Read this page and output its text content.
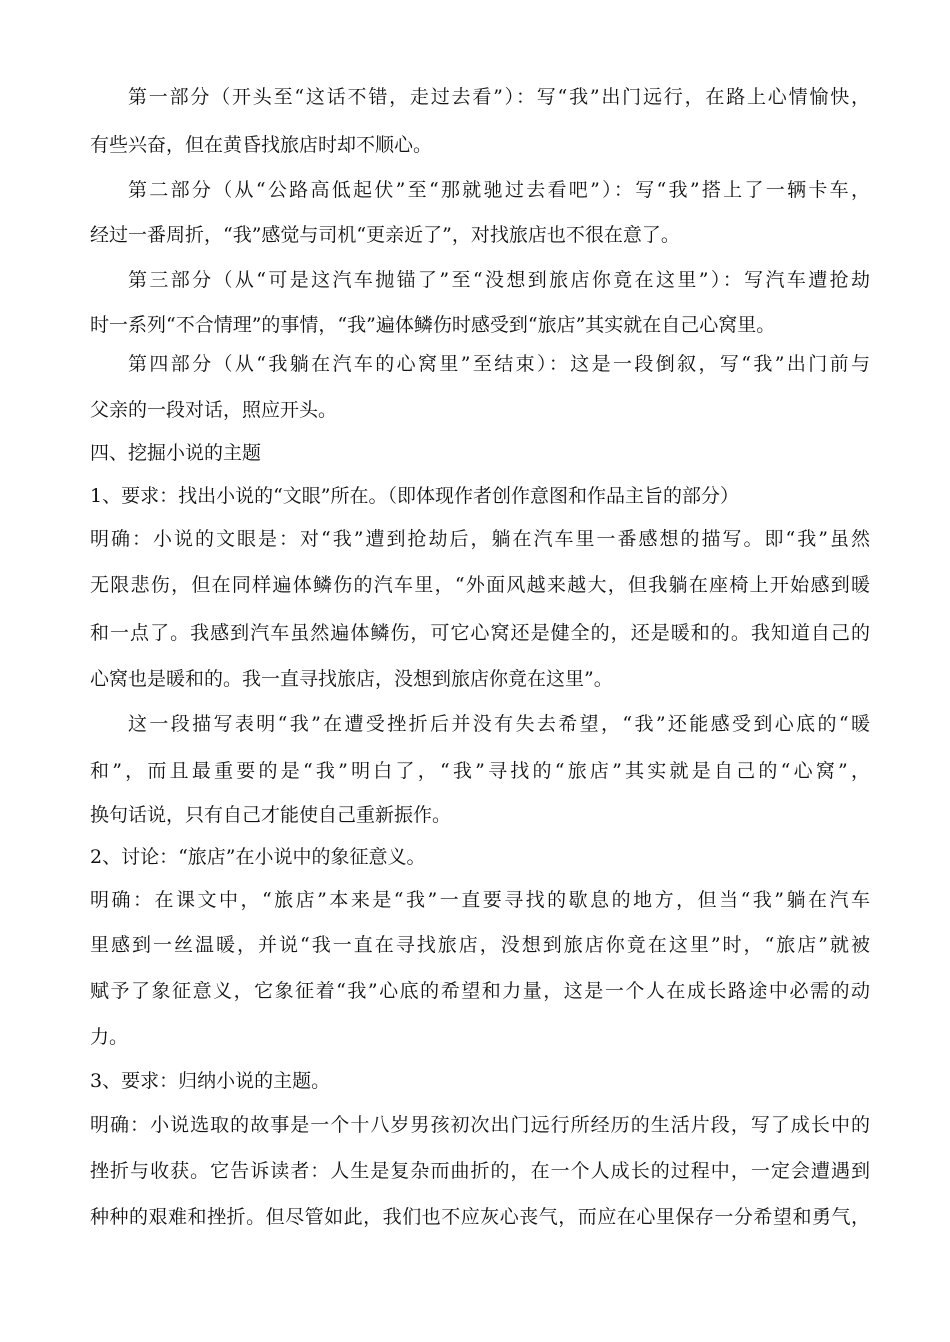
第一部分（开头至“这话不错，走过去看”）：写“我”出门远行，在路上心情愉快，
有些兴奋，但在黄昏找旅店时却不顺心。
第二部分（从“公路高低起伏”至“那就驰过去看吧”）：写“我”搭上了一辆卡车，
经过一番周折，“我”感觉与司机“更亲近了”，对找旅店也不很在意了。
第三部分（从“可是这汽车抛锚了”至“没想到旅店你竟在这里”）：写汽车遭抢劫
时一系列“不合情理”的事情，“我”遍体鳞伤时感受到“旅店”其实就在自己心窝里。
第四部分（从“我躺在汽车的心窝里”至结束）：这是一段倒叙，写“我”出门前与
父亲的一段对话，照应开头。
四、挖掘小说的主题
1、要求：找出小说的“文眼”所在。（即体现作者创作意图和作品主旨的部分）
明确：小说的文眼是：对“我”遭到抢劫后，躺在汽车里一番感想的描写。即“我”虽然
无限悲伤，但在同样遍体鳞伤的汽车里，“外面风越来越大，但我躺在座椅上开始感到暖
和一点了。我感到汽车虽然遍体鳞伤，可它心窝还是健全的，还是暖和的。我知道自己的
心窝也是暖和的。我一直寻找旅店，没想到旅店你竟在这里”。
这一段描写表明“我”在遭受挫折后并没有失去希望，“我”还能感受到心底的“暖
和”，而且最重要的是“我”明白了，“我”寻找的“旅店”其实就是自己的“心窝”，
换句话说，只有自己才能使自己重新振作。
2、讨论：“旅店”在小说中的象征意义。
明确：在课文中，“旅店”本来是“我”一直要寻找的歇息的地方，但当“我”躺在汽车
里感到一丝温暖，并说“我一直在寻找旅店，没想到旅店你竟在这里”时，“旅店”就被
赋予了象征意义，它象征着“我”心底的希望和力量，这是一个人在成长路途中必需的动
力。
3、要求：归纳小说的主题。
明确：小说选取的故事是一个十八岁男孩初次出门远行所经历的生活片段，写了成长中的
挫折与收获。它告诉读者：人生是复杂而曲折的，在一个人成长的过程中，一定会遭遇到
种种的艰难和挫折。但尽管如此，我们也不应灰心丧气，而应在心里保存一分希望和勇气，
